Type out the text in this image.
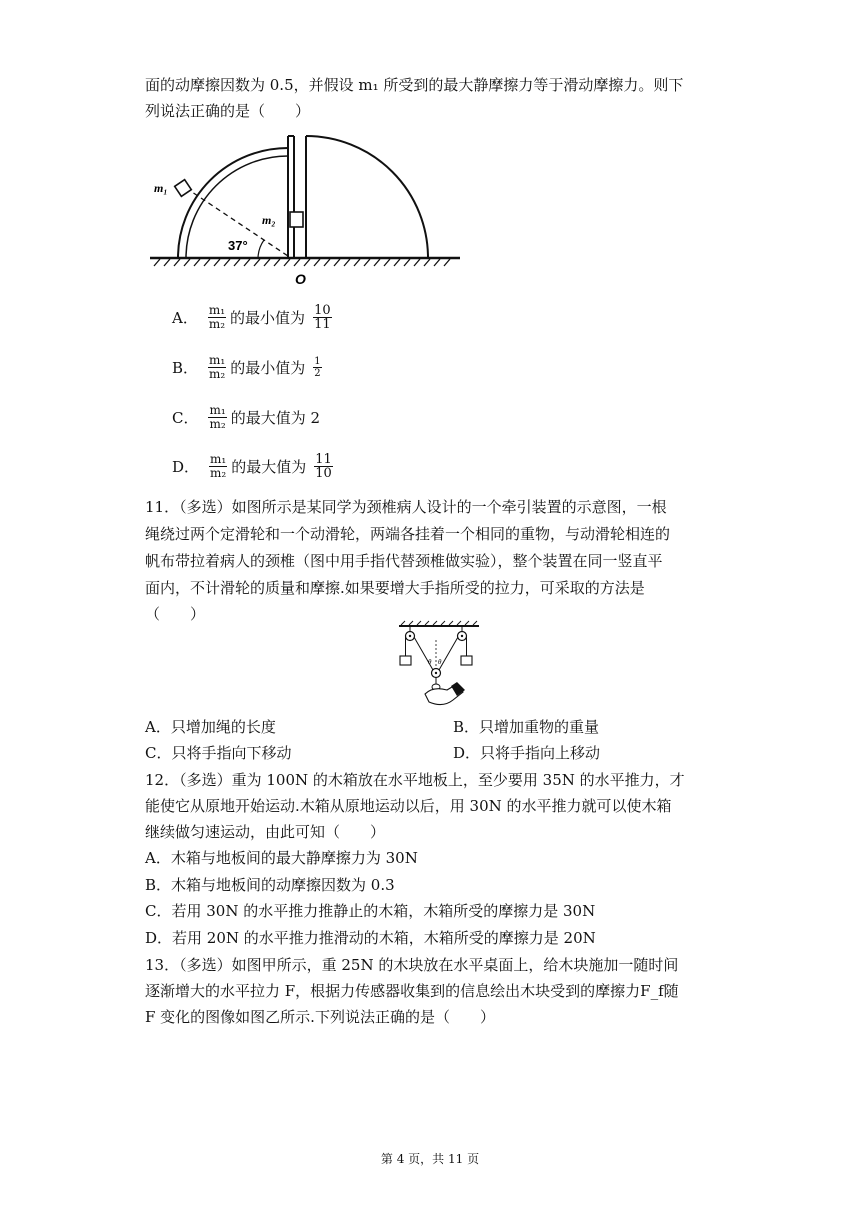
面的动摩擦因数为 0.5，并假设 m₁ 所受到的最大静摩擦力等于滑动摩擦力。则下
列说法正确的是（　　）
m₁
m₂
37°
O
A． $\frac{\text{m₁}}{\text{m₂}}$ 的最小值为 $\frac{10}{11}$
B． $\frac{\text{m₁}}{\text{m₂}}$ 的最小值为 $\frac{1}{2}$
C． $\frac{\text{m₁}}{\text{m₂}}$ 的最大值为 2
D． $\frac{\text{m₁}}{\text{m₂}}$ 的最大值为 $\frac{11}{10}$
11．（多选）如图所示是某同学为颈椎病人设计的一个牵引装置的示意图，一根
绳绕过两个定滑轮和一个动滑轮，两端各挂着一个相同的重物，与动滑轮相连的
帆布带拉着病人的颈椎（图中用手指代替颈椎做实验），整个装置在同一竖直平
面内，不计滑轮的质量和摩擦.如果要增大手指所受的拉力，可采取的方法是
（　　）
θ θ
A．只增加绳的长度	B．只增加重物的重量
C．只将手指向下移动	D．只将手指向上移动
12．（多选）重为 100N 的木箱放在水平地板上，至少要用 35N 的水平推力，才
能使它从原地开始运动.木箱从原地运动以后，用 30N 的水平推力就可以使木箱
继续做匀速运动，由此可知（　　）
A．木箱与地板间的最大静摩擦力为 30N
B．木箱与地板间的动摩擦因数为 0.3
C．若用 30N 的水平推力推静止的木箱，木箱所受的摩擦力是 30N
D．若用 20N 的水平推力推滑动的木箱，木箱所受的摩擦力是 20N
13．（多选）如图甲所示，重 25N 的木块放在水平桌面上，给木块施加一随时间
逐渐增大的水平拉力 F，根据力传感器收集到的信息绘出木块受到的摩擦力F_f随
F 变化的图像如图乙所示.下列说法正确的是（　　）
第 4 页，共 11 页
